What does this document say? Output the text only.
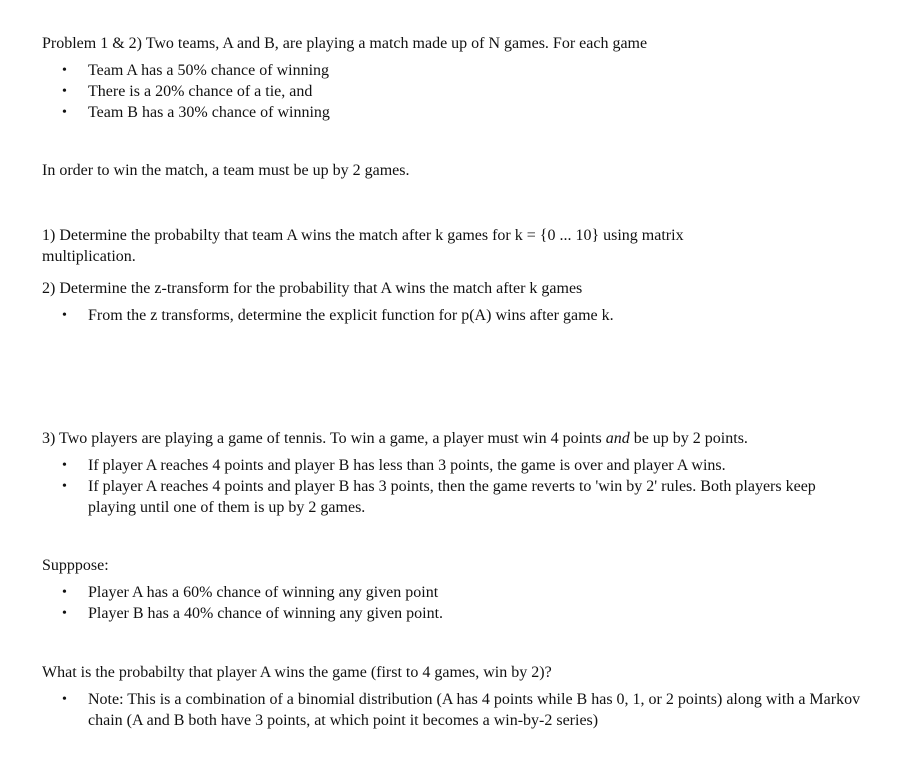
Problem 1 & 2) Two teams, A and B, are playing a match made up of N games. For each game

• Team A has a 50% chance of winning
• There is a 20% chance of a tie, and
• Team B has a 30% chance of winning

In order to win the match, a team must be up by 2 games.

1) Determine the probabilty that team A wins the match after k games for k = {0 ... 10} using matrix multiplication.

2) Determine the z-transform for the probability that A wins the match after k games

• From the z transforms, determine the explicit function for p(A) wins after game k.

3) Two players are playing a game of tennis. To win a game, a player must win 4 points and be up by 2 points.

• If player A reaches 4 points and player B has less than 3 points, the game is over and player A wins.
• If player A reaches 4 points and player B has 3 points, then the game reverts to 'win by 2' rules. Both players keep playing until one of them is up by 2 games.

Supppose:

• Player A has a 60% chance of winning any given point
• Player B has a 40% chance of winning any given point.

What is the probabilty that player A wins the game (first to 4 games, win by 2)?

• Note: This is a combination of a binomial distribution (A has 4 points while B has 0, 1, or 2 points) along with a Markov chain (A and B both have 3 points, at which point it becomes a win-by-2 series)
